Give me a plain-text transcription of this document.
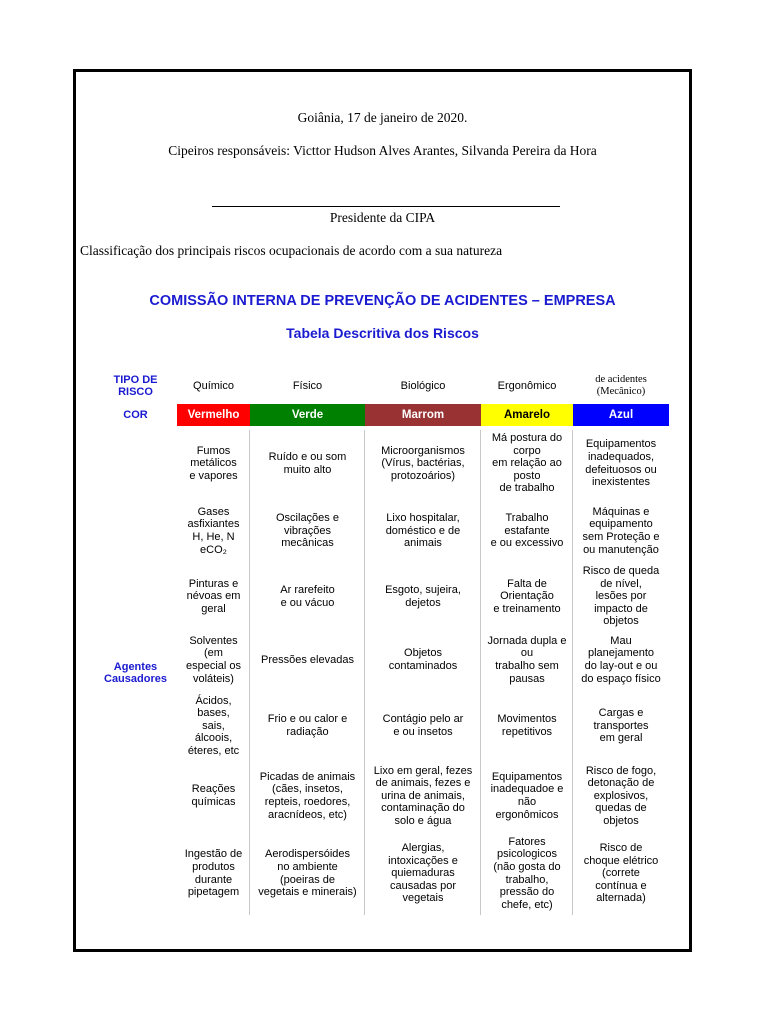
Goiânia, 17 de janeiro de 2020.
Cipeiros responsáveis: Victtor Hudson Alves Arantes, Silvanda Pereira da Hora
Presidente da CIPA
Classificação dos principais riscos ocupacionais de acordo com a sua natureza
COMISSÃO INTERNA DE PREVENÇÃO DE ACIDENTES – EMPRESA
Tabela Descritiva dos Riscos
TIPO DE
RISCO
COR
Agentes
Causadores
Químico
Vermelho
Físico
Verde
Biológico
Marrom
Ergonômico
Amarelo
de acidentes
(Mecânico)
Azul
Fumos
metálicos
e vapores
Ruído e ou som
muito alto
Microorganismos
(Vírus, bactérias,
protozoários)
Má postura do
corpo
em relação ao
posto
de trabalho
Equipamentos
inadequados,
defeituosos ou
inexistentes
Gases
asfixiantes
H, He, N
eCO₂
Oscilações e
vibrações
mecânicas
Lixo hospitalar,
doméstico e de
animais
Trabalho
estafante
e ou excessivo
Máquinas e
equipamento
sem Proteção e
ou manutenção
Pinturas e
névoas em
geral
Ar rarefeito
e ou vácuo
Esgoto, sujeira,
dejetos
Falta de
Orientação
e treinamento
Risco de queda
de nível,
lesões por
impacto de
objetos
Solventes
(em
especial os
voláteis)
Pressões elevadas
Objetos
contaminados
Jornada dupla e
ou
trabalho sem
pausas
Mau
planejamento
do lay-out e ou
do espaço físico
Ácidos,
bases,
sais,
álcoois,
éteres, etc
Frio e ou calor e
radiação
Contágio pelo ar
e ou insetos
Movimentos
repetitivos
Cargas e
transportes
em geral
Reações
químicas
Picadas de animais
(cães, insetos,
repteis, roedores,
aracnídeos, etc)
Lixo em geral, fezes
de animais, fezes e
urina de animais,
contaminação do
solo e água
Equipamentos
inadequadoe e
não
ergonômicos
Risco de fogo,
detonação de
explosivos,
quedas de
objetos
Ingestão de
produtos
durante
pipetagem
Aerodispersóides
no ambiente
(poeiras de
vegetais e minerais)
Alergias,
intoxicações e
quiemaduras
causadas por
vegetais
Fatores
psicologicos
(não gosta do
trabalho,
pressão do
chefe, etc)
Risco de
choque elétrico
(correte
contínua e
alternada)
